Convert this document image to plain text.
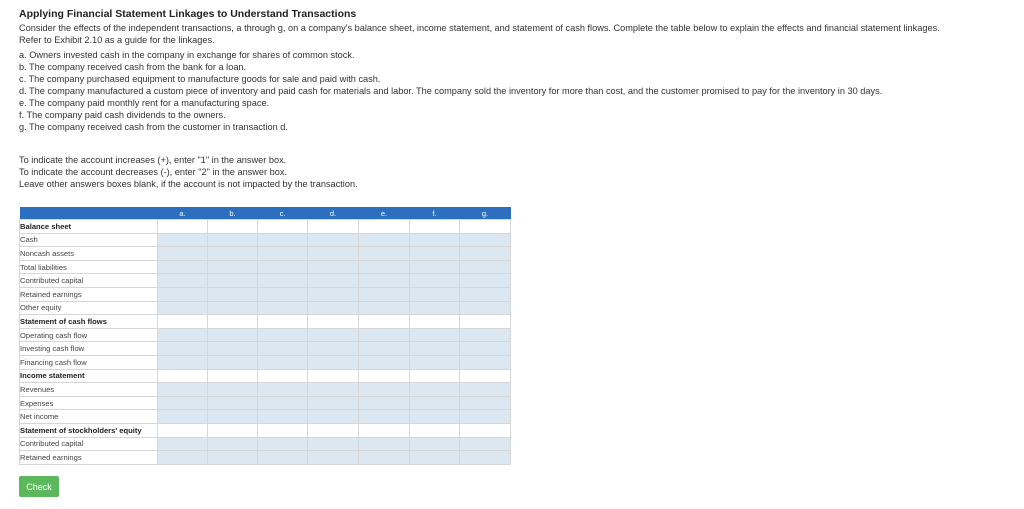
Applying Financial Statement Linkages to Understand Transactions

Consider the effects of the independent transactions, a through g, on a company's balance sheet, income statement, and statement of cash flows. Complete the table below to explain the effects and financial statement linkages.

Refer to Exhibit 2.10 as a guide for the linkages.

a. Owners invested cash in the company in exchange for shares of common stock.
b. The company received cash from the bank for a loan.
c. The company purchased equipment to manufacture goods for sale and paid with cash.
d. The company manufactured a custom piece of inventory and paid cash for materials and labor. The company sold the inventory for more than cost, and the customer promised to pay for the inventory in 30 days.
e. The company paid monthly rent for a manufacturing space.
f. The company paid cash dividends to the owners.
g. The company received cash from the customer in transaction d.
To indicate the account increases (+), enter "1" in the answer box.
To indicate the account decreases (-), enter "2" in the answer box.
Leave other answers boxes blank, if the account is not impacted by the transaction.
	a.	b.	c.	d.	e.	f.	g.
Balance sheet							
Cash							
Noncash assets							
Total liabilities							
Contributed capital							
Retained earnings							
Other equity							
Statement of cash flows							
Operating cash flow							
Investing cash flow							
Financing cash flow							
Income statement							
Revenues							
Expenses							
Net income							
Statement of stockholders' equity							
Contributed capital							
Retained earnings							
Check
